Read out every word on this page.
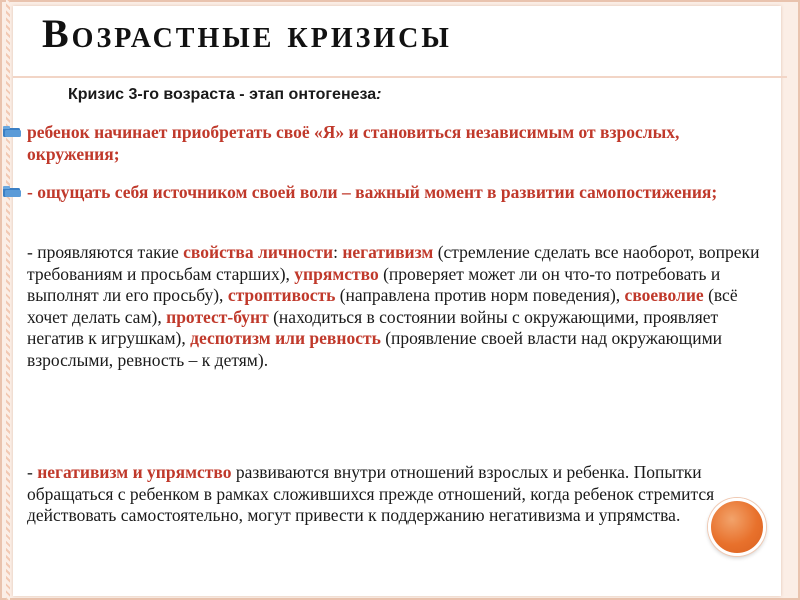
Возрастные кризисы
Кризис 3-го возраста - этап онтогенеза:
ребенок начинает приобретать своё «Я» и становиться независимым от взрослых, окружения;
- ощущать себя источником своей воли – важный момент в развитии самопостижения;
- проявляются такие свойства личности: негативизм (стремление сделать все наоборот, вопреки требованиям и просьбам старших), упрямство (проверяет может ли он что-то потребовать и выполнят ли его просьбу), строптивость (направлена против норм поведения), своеволие (всё хочет делать сам), протест-бунт (находиться в состоянии войны с окружающими, проявляет негатив к игрушкам), деспотизм или ревность (проявление своей власти над окружающими взрослыми, ревность – к детям).
- негативизм и упрямство развиваются внутри отношений взрослых и ребенка. Попытки обращаться с ребенком в рамках сложившихся прежде отношений, когда ребенок стремится действовать самостоятельно, могут привести к поддержанию негативизма и упрямства.
